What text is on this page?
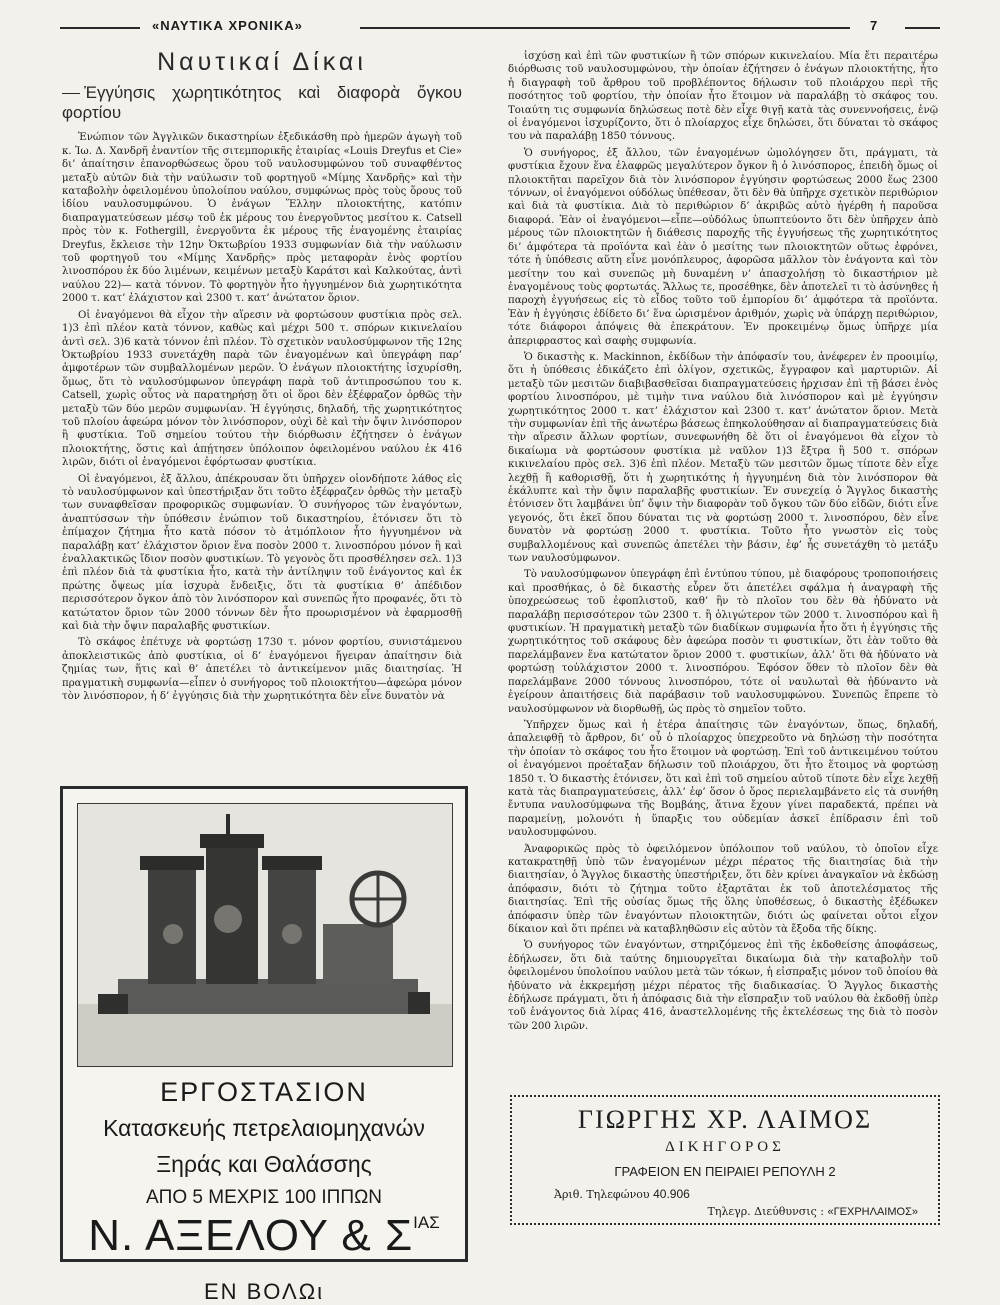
«ΝΑΥΤΙΚΑ ΧΡΟΝΙΚΑ»	7
Ναυτικαί Δίκαι
Ἐγγύησις χωρητικότητος καὶ διαφορὰ ὄγκου φορτίου

Ἐνώπιον τῶν Ἀγγλικῶν δικαστηρίων ἐξεδικάσθη πρὸ ἡμερῶν ἀγωγὴ τοῦ κ. Ἰω. Δ. Χανδρῆ ἐναντίον τῆς σιτεμπορικῆς ἑταιρίας «Louis Dreyfus et Cie» δι’ ἀπαίτησιν ἐπανορθώσεως ὅρου τοῦ ναυλοσυμφώνου τοῦ συναφθέντος μεταξὺ αὐτῶν διὰ τὴν ναύλωσιν τοῦ φορτηγοῦ «Μίμης Χανδρῆς» καὶ τὴν καταβολὴν ὀφειλομένου ὑπολοίπου ναύλου, συμφώνως πρὸς τοὺς ὅρους τοῦ ἰδίου ναυλοσυμφώνου. Ὁ ἐνάγων Ἕλλην πλοιοκτήτης, κατόπιν διαπραγματεύσεων μέσῳ τοῦ ἐκ μέρους του ἐνεργοῦντος μεσίτου κ. Catsell πρὸς τὸν κ. Fothergill, ἐνεργοῦντα ἐκ μέρους τῆς ἐναγομένης ἑταιρίας Dreyfus, ἔκλεισε τὴν 12ην Ὀκτωβρίου 1933 συμφωνίαν διὰ τὴν ναύλωσιν τοῦ φορτηγοῦ του «Μίμης Χανδρῆς» πρὸς μεταφορὰν ἑνὸς φορτίου λινοσπόρου ἐκ δύο λιμένων, κειμένων μεταξὺ Καράτσι καὶ Καλκούτας, ἀντὶ ναύλου 22)— κατὰ τόννον. Τὸ φορτηγὸν ἦτο ἠγγυημένον διὰ χωρητικότητα 2000 τ. κατ’ ἐλάχιστον καὶ 2300 τ. κατ’ ἀνώτατον ὅριον.

Οἱ ἐναγόμενοι θὰ εἶχον τὴν αἵρεσιν νὰ φορτώσουν φυστίκια πρὸς σελ. 1)3 ἐπὶ πλέον κατὰ τόννον, καθὼς καὶ μέχρι 500 τ. σπόρων κικινελαίου ἀντὶ σελ. 3)6 κατὰ τόννον ἐπὶ πλέον. Τὸ σχετικὸν ναυλοσύμφωνον τῆς 12ης Ὀκτωβρίου 1933 συνετάχθη παρὰ τῶν ἐναγομένων καὶ ὑπεγράφη παρ’ ἀμφοτέρων τῶν συμβαλλομένων μερῶν. Ὁ ἐνάγων πλοιοκτήτης ἰσχυρίσθη, ὅμως, ὅτι τὸ ναυλοσύμφωνον ὑπεγράφη παρὰ τοῦ ἀντιπροσώπου του κ. Catsell, χωρὶς οὗτος νὰ παρατηρήσῃ ὅτι οἱ ὅροι δὲν ἐξέφραζον ὀρθῶς τὴν μεταξὺ τῶν δύο μερῶν συμφωνίαν. Ἡ ἐγγύησις, δηλαδή, τῆς χωρητικότητος τοῦ πλοίου ἀφεώρα μόνον τὸν λινόσπορον, οὐχὶ δὲ καὶ τὴν ὄψιν λινόσπορον ἢ φυστίκια. Τοῦ σημείου τούτου τὴν διόρθωσιν ἐζήτησεν ὁ ἐνάγων πλοιοκτήτης, ὅστις καὶ ἀπῄτησεν ὑπόλοιπον ὀφειλομένου ναύλου ἐκ 416 λιρῶν, διότι οἱ ἐναγόμενοι ἐφόρτωσαν φυστίκια.

Οἱ ἐναγόμενοι, ἐξ ἄλλου, ἀπέκρουσαν ὅτι ὑπῆρχεν οἱονδήποτε λάθος εἰς τὸ ναυλοσύμφωνον καὶ ὑπεστήριξαν ὅτι τοῦτο ἐξέφραζεν ὀρθῶς τὴν μεταξὺ των συναφθεῖσαν προφορικῶς συμφωνίαν. Ὁ συνήγορος τῶν ἐναγόντων, ἀναπτύσσων τὴν ὑπόθεσιν ἐνώπιον τοῦ δικαστηρίου, ἐτόνισεν ὅτι τὸ ἐπίμαχον ζήτημα ἦτο κατὰ πόσον τὸ ἀτμόπλοιον ἦτο ἠγγυημένον νὰ παραλάβῃ κατ’ ἐλάχιστον ὅριον ἕνα ποσὸν 2000 τ. λινοσπόρου μόνον ἢ καὶ ἐναλλακτικῶς ἴδιον ποσὸν φυστικίων. Τὸ γεγονὸς ὅτι προσθέλησεν σελ. 1)3 ἐπὶ πλέον διὰ τὰ φυστίκια ἦτο, κατὰ τὴν ἀντίληψιν τοῦ ἐνάγοντος καὶ ἐκ πρώτης ὄψεως μία ἰσχυρὰ ἔνδειξις, ὅτι τὰ φυστίκια θ’ ἀπέδιδον περισσότερον ὄγκον ἀπὸ τὸν λινόσπορον καὶ συνεπῶς ἦτο προφανές, ὅτι τὸ κατώτατον ὅριον τῶν 2000 τόννων δὲν ἦτο προωρισμένον νὰ ἐφαρμοσθῇ καὶ διὰ τὴν ὄψιν παραλαβῆς φυστικίων.

Τὸ σκάφος ἐπέτυχε νὰ φορτώσῃ 1730 τ. μόνον φορτίου, συνιστάμενου ἀποκλειστικῶς ἀπὸ φυστίκια, οἱ δ’ ἐναγόμενοι ἤγειραν ἀπαίτησιν διὰ ζημίας των, ἥτις καὶ θ’ ἀπετέλει τὸ ἀντικείμενον μιᾶς διαιτησίας. Ἡ πραγματικὴ συμφωνία—εἶπεν ὁ συνήγορος τοῦ πλοιοκτήτου—ἀφεώρα μόνον τὸν λινόσπορον, ἡ δ’ ἐγγύησις διὰ τὴν χωρητικότητα δὲν εἶνε δυνατὸν νὰ

ἰσχύσῃ καὶ ἐπὶ τῶν φυστικίων ἢ τῶν σπόρων κικινελαίου. Μία ἔτι περαιτέρω διόρθωσις τοῦ ναυλοσυμφώνου, τὴν ὁποίαν ἐζήτησεν ὁ ἐνάγων πλοιοκτήτης, ἦτο ἡ διαγραφὴ τοῦ ἄρθρου τοῦ προβλέποντος δήλωσιν τοῦ πλοιάρχου περὶ τῆς ποσότητος τοῦ φορτίου, τὴν ὁποίαν ἦτο ἕτοιμον νὰ παραλάβῃ τὸ σκάφος του. Τοιαύτη τις συμφωνία δηλώσεως ποτὲ δὲν εἶχε θιγῇ κατὰ τὰς συνεννοήσεις, ἐνῷ οἱ ἐναγόμενοι ἰσχυρίζοντο, ὅτι ὁ πλοίαρχος εἶχε δηλώσει, ὅτι δύναται τὸ σκάφος του νὰ παραλάβῃ 1850 τόννους.

Ὁ συνήγορος, ἐξ ἄλλου, τῶν ἐναγομένων ὡμολόγησεν ὅτι, πράγματι, τὰ φυστίκια ἔχουν ἕνα ἐλαφρῶς μεγαλύτερον ὄγκον ἢ ὁ λινόσπορος, ἐπειδὴ ὅμως οἱ πλοιοκτῆται παρεῖχον διὰ τὸν λινόσπορον ἐγγύησιν φορτώσεως 2000 ἕως 2300 τόννων, οἱ ἐναγόμενοι ούδόλως ὑπέθεσαν, ὅτι δὲν θὰ ὑπῆρχε σχετικὸν περιθώριον καὶ διὰ τὰ φυστίκια. Διὰ τὸ περιθώριον δ’ ἀκριβῶς αὐτὸ ἠγέρθη ἡ παροῦσα διαφορά. Ἐὰν οἱ ἐναγόμενοι—εἶπε—οὐδόλως ὑπωπτεύοντο ὅτι δὲν ὑπῆρχεν ἀπὸ μέρους τῶν πλοιοκτητῶν ἡ διάθεσις παροχῆς τῆς ἐγγυήσεως τῆς χωρητικότητος δι’ ἀμφότερα τὰ προϊόντα καὶ ἐὰν ὁ μεσίτης των πλοιοκτητῶν οὕτως ἐφρόνει, τότε ἡ ὑπόθεσις αὕτη εἶνε μονόπλευρος, ἀφορῶσα μᾶλλον τὸν ἐνάγοντα καὶ τὸν μεσίτην του καὶ συνεπῶς μὴ δυναμένη ν’ ἀπασχολήσῃ τὸ δικαστήριον μὲ ἐναγομένους τοὺς φορτωτάς. Ἄλλως τε, προσέθηκε, δὲν ἀποτελεῖ τι τὸ ἀσύνηθες ἡ παροχὴ ἐγγυήσεως εἰς τὸ εἶδος τοῦτο τοῦ ἐμπορίου δι’ ἀμφότερα τὰ προϊόντα. Ἐὰν ἡ ἐγγύησις ἐδίδετο δι’ ἕνα ὡρισμένον ἀριθμόν, χωρὶς νὰ ὑπάρχῃ περιθώριον, τότε διάφοροι ἀπόψεις θὰ ἐπεκράτουν. Ἐν προκειμένῳ ὅμως ὑπῆρχε μία ἀπεριφραστος καὶ σαφὴς συμφωνία.

Ὁ δικαστὴς κ. Mackinnon, ἐκδίδων τὴν ἀπόφασίν του, ἀνέφερεν ἐν προοιμίῳ, ὅτι ἡ ὑπόθεσις ἐδικάζετο ἐπὶ ὀλίγον, σχετικῶς, ἔγγραφον καὶ μαρτυριῶν. Αἱ μεταξὺ τῶν μεσιτῶν διαβιβασθεῖσαι διαπραγματεύσεις ἠρχισαν ἐπὶ τῇ βάσει ἑνὸς φορτίου λινοσπόρου, μὲ τιμὴν τινα ναύλου διὰ λινόσπορον καὶ μὲ ἐγγύησιν χωρητικότητος 2000 τ. κατ’ ἐλάχιστον καὶ 2300 τ. κατ’ ἀνώτατον ὅριον. Μετὰ τὴν συμφωνίαν ἐπὶ τῆς ἀνωτέρω βάσεως ἐπηκολούθησαν αἱ διαπραγματεύσεις διὰ τὴν αἵρεσιν ἄλλων φορτίων, συνεφωνήθη δὲ ὅτι οἱ ἐναγόμενοι θὰ εἶχον τὸ δικαίωμα νὰ φορτώσουν φυστίκια μὲ ναῦλον 1)3 ἔξτρα ἢ 500 τ. σπόρων κικινελαίου πρὸς σελ. 3)6 ἐπὶ πλέον. Μεταξὺ τῶν μεσιτῶν ὅμως τίποτε δὲν εἶχε λεχθῇ ἢ καθορισθῇ, ὅτι ἡ χωρητικότης ἡ ἠγγυημένη διὰ τὸν λινόσπορον θὰ ἐκάλυπτε καὶ τὴν ὄψιν παραλαβῆς φυστικίων. Ἐν συνεχείᾳ ὁ Ἄγγλος δικαστὴς ἐτόνισεν ὅτι λαμβάνει ὑπ’ ὄψιν τὴν διαφορὰν τοῦ ὄγκου τῶν δύο εἰδῶν, διότι εἶνε γεγονός, ὅτι ἐκεῖ ὅπου δύναται τις νὰ φορτώσῃ 2000 τ. λινοσπόρου, δὲν εἶνε δυνατὸν νὰ φορτώσῃ 2000 τ. φυστίκια. Τοῦτο ἦτο γνωστὸν εἰς τοὺς συμβαλλομένους καὶ συνεπῶς ἀπετέλει τὴν βάσιν, ἐφ’ ἧς συνετάχθη τὸ μετάξυ των ναυλοσύμφωνον.

Τὸ ναυλοσύμφωνον ὑπεγράφη ἐπὶ ἐντύπου τύπου, μὲ διαφόρους τροποποιήσεις καὶ προσθήκας, ὁ δὲ δικαστὴς εὗρεν ὅτι ἀπετέλει σφάλμα ἡ ἀναγραφὴ τῆς ὑποχρεώσεως τοῦ ἐφοπλιστοῦ, καθ’ ἣν τὸ πλοῖον του δὲν θὰ ἠδύνατο νὰ παραλάβῃ περισσότερον τῶν 2300 τ. ἢ ὀλιγώτερον τῶν 2000 τ. λινοσπόρου καὶ ἢ φυστικίων. Ἡ πραγματικὴ μεταξὺ τῶν διαδίκων συμφωνία ἦτο ὅτι ἡ ἐγγύησις τῆς χωρητικότητος τοῦ σκάφους δὲν ἀφεώρα ποσὸν τι φυστικίων, ὅτι ἐὰν τοῦτο θὰ παρελάμβανεν ἕνα κατώτατον ὅριον 2000 τ. φυστικίων, ἀλλ’ ὅτι θὰ ἠδύνατο νὰ φορτώσῃ τοὐλάχιστον 2000 τ. λινοσπόρου. Ἐφόσον ὅθεν τὸ πλοῖον δὲν θὰ παρελάμβανε 2000 τόννους λινοσπόρου, τότε οἱ ναυλωταὶ θὰ ἠδύναντο νὰ ἐγείρουν ἀπαιτήσεις διὰ παράβασιν τοῦ ναυλοσυμφώνου. Συνεπῶς ἔπρεπε τὸ ναυλοσύμφωνον νὰ διορθωθῇ, ὡς πρὸς τὸ σημεῖον τοῦτο.

Ὑπῆρχεν ὅμως καὶ ἡ ἑτέρα ἀπαίτησις τῶν ἐναγόντων, ὅπως, δηλαδή, ἀπαλειφθῇ τὸ ἄρθρον, δι’ οὗ ὁ πλοίαρχος ὑπεχρεοῦτο νὰ δηλώσῃ τὴν ποσότητα τὴν ὁποίαν τὸ σκάφος του ἦτο ἕτοιμον νὰ φορτώσῃ. Ἐπὶ τοῦ ἀντικειμένου τούτου οἱ ἐναγόμενοι προέταξαν δήλωσιν τοῦ πλοιάρχου, ὅτι ἦτο ἕτοιμος νὰ φορτώσῃ 1850 τ. Ὁ δικαστὴς ἐτόνισεν, ὅτι καὶ ἐπὶ τοῦ σημείου αὐτοῦ τίποτε δὲν εἶχε λεχθῇ κατὰ τὰς διαπραγματεύσεις, ἀλλ’ ἐφ’ ὅσον ὁ ὅρος περιελαμβάνετο εἰς τὰ συνήθη ἔντυπα ναυλοσύμφωνα τῆς Βομβάης, ἅτινα ἔχουν γίνει παραδεκτά, πρέπει νὰ παραμείνῃ, μολονότι ἡ ὕπαρξις του οὐδεμίαν ἀσκεῖ ἐπίδρασιν ἐπὶ τοῦ ναυλοσυμφώνου.

Ἀναφορικῶς πρὸς τὸ ὀφειλόμενον ὑπόλοιπον τοῦ ναύλου, τὸ ὁποῖον εἶχε κατακρατηθῇ ὑπὸ τῶν ἐναγομένων μέχρι πέρατος τῆς διαιτησίας διὰ τὴν διαιτησίαν, ὁ Ἄγγλος δικαστὴς ὑπεστήριξεν, ὅτι δὲν κρίνει ἀναγκαῖον νὰ ἐκδώσῃ ἀπόφασιν, διότι τὸ ζήτημα τοῦτο ἐξαρτᾶται ἐκ τοῦ ἀποτελέσματος τῆς διαιτησίας. Ἐπὶ τῆς οὐσίας ὅμως τῆς ὅλης ὑποθέσεως, ὁ δικαστὴς ἐξέδωκεν ἀπόφασιν ὑπὲρ τῶν ἐναγόντων πλοιοκτητῶν, διότι ὡς φαίνεται οὗτοι εἶχον δίκαιον καὶ ὅτι πρέπει νὰ καταβληθῶσιν εἰς αὐτὸν τὰ ἔξοδα τῆς δίκης.

Ὁ συνήγορος τῶν ἐναγόντων, στηριζόμενος ἐπὶ τῆς ἐκδοθείσης ἀποφάσεως, ἐδήλωσεν, ὅτι διὰ ταύτης δημιουργεῖται δικαίωμα διὰ τὴν καταβολὴν τοῦ ὀφειλομένου ὑπολοίπου ναύλου μετὰ τῶν τόκων, ἡ εἰσπραξις μόνον τοῦ ὁποίου θὰ ἠδύνατο νὰ ἐκκρεμήσῃ μέχρι πέρατος τῆς διαδικασίας. Ὁ Ἄγγλος δικαστὴς ἐδήλωσε πράγματι, ὅτι ἡ ἀπόφασις διὰ τὴν εἴσπραξιν τοῦ ναύλου θὰ ἐκδοθῇ ὑπὲρ τοῦ ἐνάγοντος διὰ λίρας 416, ἀναστελλομένης τῆς ἐκτελέσεως της διὰ τὸ ποσὸν τῶν 200 λιρῶν.

ΕΡΓΟΣΤΑΣΙΟΝ
Κατασκευής πετρελαιομηχανών
Ξηράς και Θαλάσσης
ΑΠΟ 5 ΜΕΧΡΙΣ 100 ΙΠΠΩΝ
Ν. ΑΞΕΛΟΥ & $\Sigma^{IA\Sigma}$
ΕΝ ΒΟΛΩι
ΓΙΩΡΓΗΣ ΧΡ. ΛΑΙΜΟΣ
ΔΙΚΗΓΟΡΟΣ
ΓΡΑΦΕΙΟΝ ΕΝ ΠΕΙΡΑΙΕΙ ΡΕΠΟΥΛΗ 2
Ἀριθ. Τηλεφώνου 40.906
Τηλεγρ. Διεύθυνσις : «ΓΕΧΡΗΛΑΙΜΟΣ»
